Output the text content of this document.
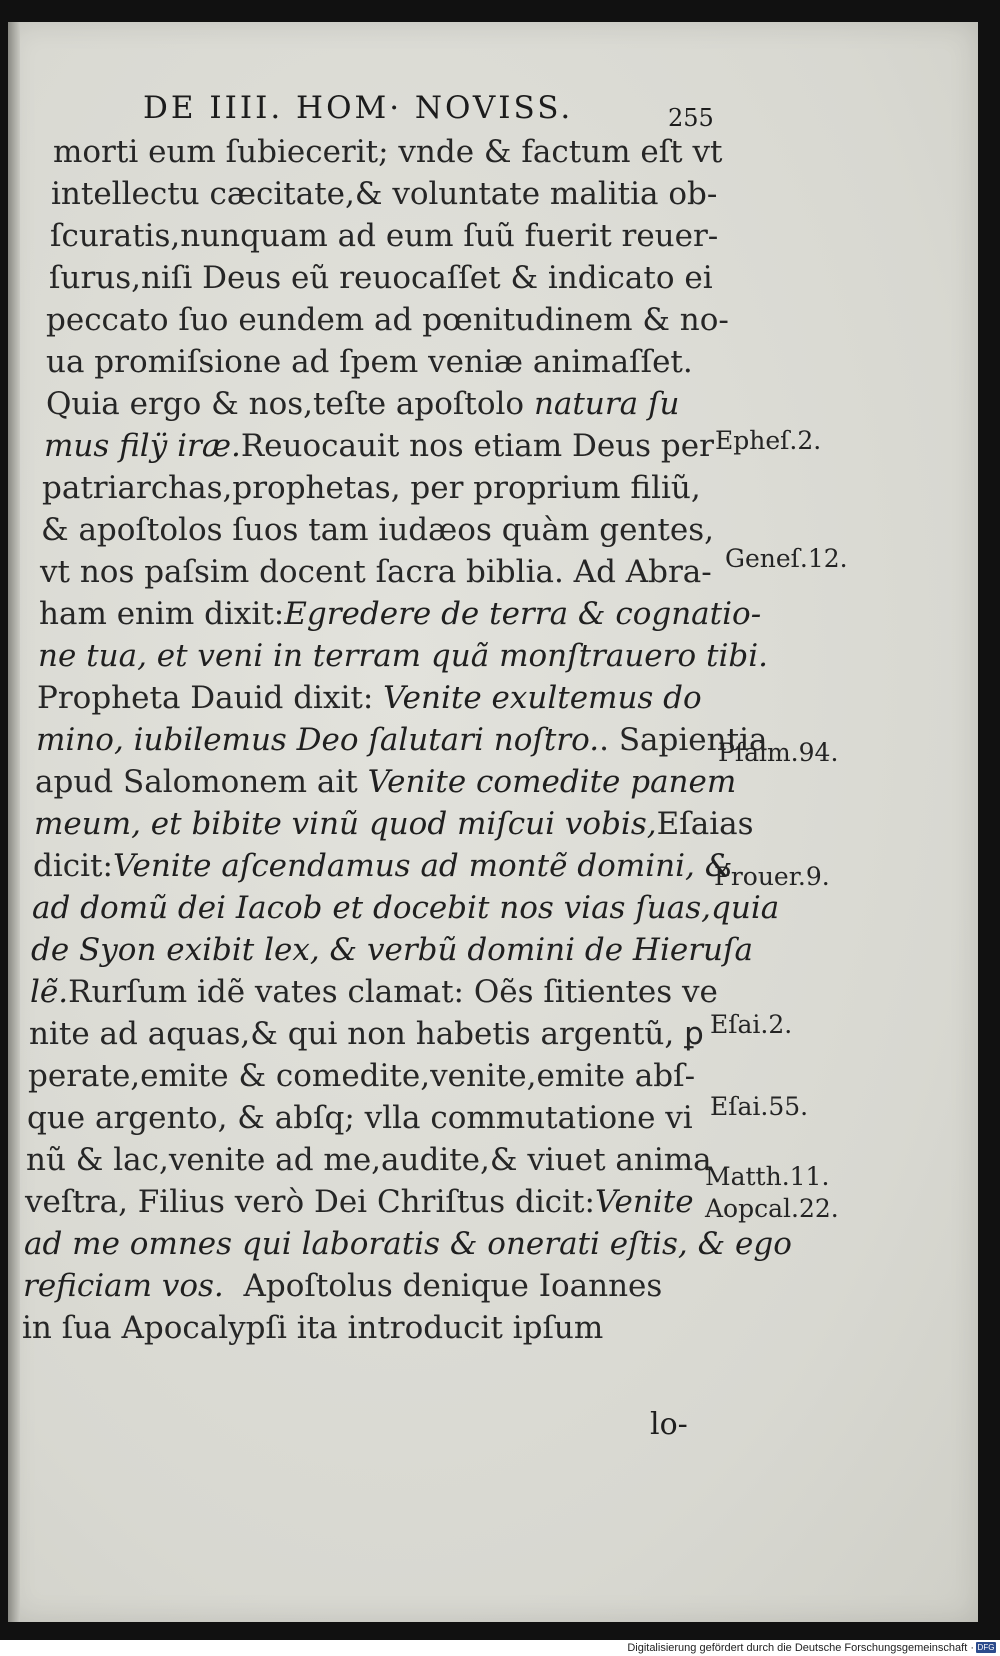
DE IIII. HOM· NOVISS.	255
morti eum ſubiecerit; vnde & factum eſt vt
intellectu cæcitate,& voluntate malitia ob-
ſcuratis,nunquam ad eum ſuũ fuerit reuer-
ſurus,niſi Deus eũ reuocaſſet & indicato ei
peccato ſuo eundem ad pœnitudinem & no-
ua promiſsione ad ſpem veniæ animaſſet.
Quia ergo & nos,teſte apoſtolo natura ſu
mus filÿ iræ.Reuocauit nos etiam Deus per
patriarchas,prophetas, per proprium filiũ,
& apoſtolos ſuos tam iudæos quàm gentes,
vt nos paſsim docent ſacra biblia. Ad Abra-
ham enim dixit:Egredere de terra & cognatio-
ne tua, et veni in terram quã monſtrauero tibi.
Propheta Dauid dixit: Venite exultemus do
mino, iubilemus Deo ſalutari noſtro.. Sapientia
apud Salomonem ait Venite comedite panem
meum, et bibite vinũ quod miſcui vobis,Eſaias
dicit:Venite aſcendamus ad montẽ domini, &
ad domũ dei Iacob et docebit nos vias ſuas,quia
de Syon exibit lex, & verbũ domini de Hieruſa
lẽ.Rurſum idẽ vates clamat: Oẽs ſitientes ve
nite ad aquas,& qui non habetis argentũ, ꝑ
perate,emite & comedite,venite,emite abſ-
que argento, & abſq; vlla commutatione vi
nũ & lac,venite ad me,audite,& viuet anima
veſtra, Filius verò Dei Chriſtus dicit:Venite
ad me omnes qui laboratis & onerati eſtis, & ego
reficiam vos. Apoſtolus denique Ioannes
in ſua Apocalypſi ita introducit ipſum
Epheſ.2.
Geneſ.12.
Pſalm.94.
Prouer.9.
Eſai.2.
Eſai.55.
Matth.11.
Aopcal.22.
lo-
Digitalisierung gefördert durch die Deutsche Forschungsgemeinschaft · DFG
